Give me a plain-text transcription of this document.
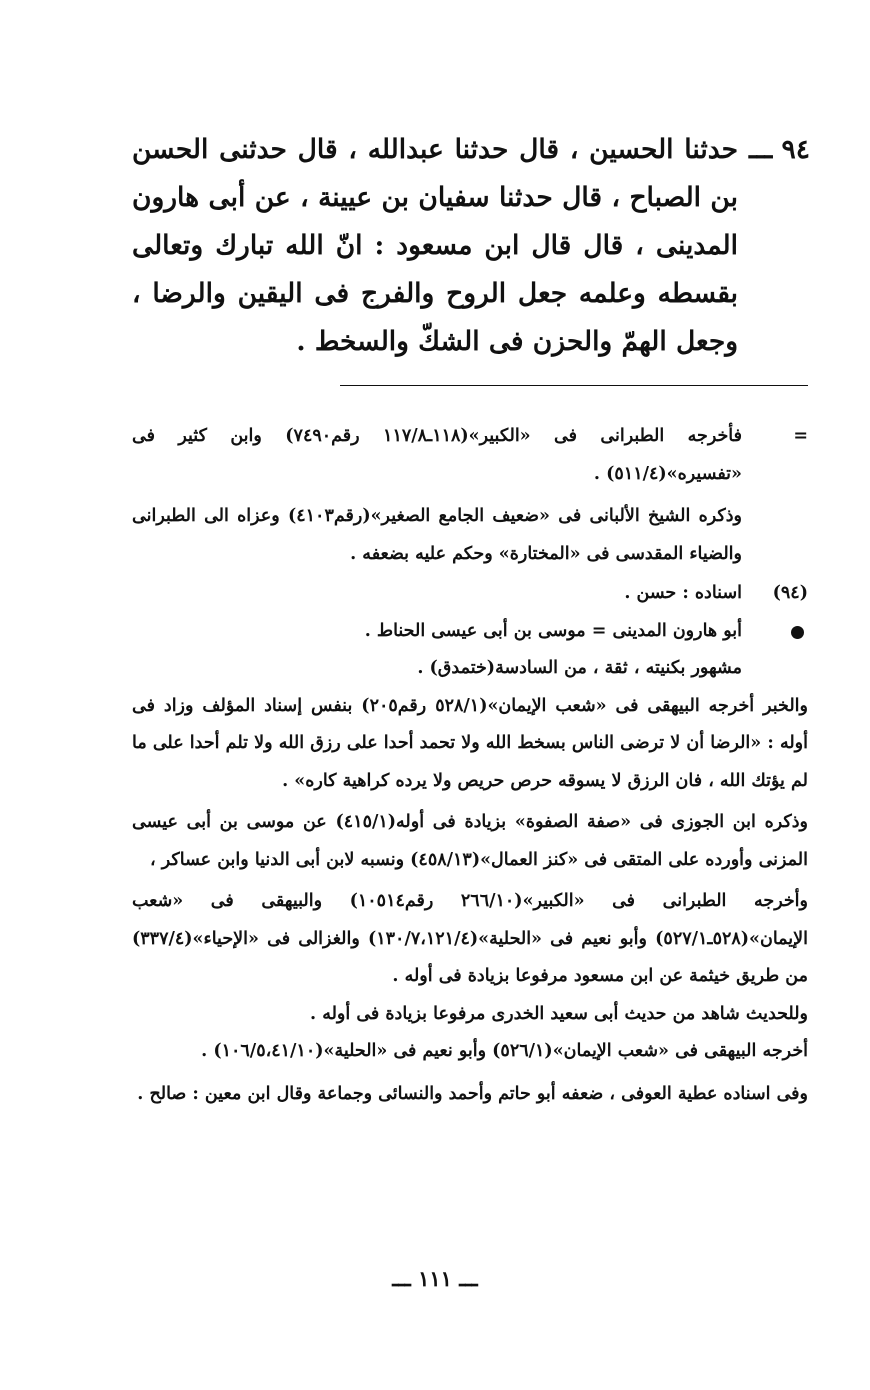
٩٤ ـــ
حدثنا الحسين ، قال حدثنا عبدالله ، قال حدثنى الحسن بن الصباح ، قال حدثنا سفيان بن عيينة ، عن أبى هارون المدينى ، قال قال ابن مسعود : انّ الله تبارك وتعالى بقسطه وعلمه جعل الروح والفرج فى اليقين والرضا ، وجعل الهمّ والحزن فى الشكّ والسخط .
=
فأخرجه الطبرانى فى «الكبير»(١١٨ـ١١٧/٨ رقم٧٤٩٠) وابن كثير فى «تفسيره»(٥١١/٤) .
وذكره الشيخ الألبانى فى «ضعيف الجامع الصغير»(رقم٤١٠٣) وعزاه الى الطبرانى والضياء المقدسى فى «المختارة» وحكم عليه بضعفه .
(٩٤)
اسناده : حسن .
أبو هارون المدينى = موسى بن أبى عيسى الحناط .
مشهور بكنيته ، ثقة ، من السادسة(ختمدق) .
والخبر أخرجه البيهقى فى «شعب الإيمان»(٥٢٨/١ رقم٢٠٥) بنفس إسناد المؤلف وزاد فى أوله : «الرضا أن لا ترضى الناس بسخط الله ولا تحمد أحدا على رزق الله ولا تلم أحدا على ما لم يؤتك الله ، فان الرزق لا يسوقه حرص حريص ولا يرده كراهية كاره» .
وذكره ابن الجوزى فى «صفة الصفوة» بزيادة فى أوله(٤١٥/١) عن موسى بن أبى عيسى المزنى وأورده على المتقى فى «كنز العمال»(٤٥٨/١٣) ونسبه لابن أبى الدنيا وابن عساكر ،
وأخرجه الطبرانى فى «الكبير»(٢٦٦/١٠ رقم١٠٥١٤) والبيهقى فى «شعب الإيمان»(٥٢٨ـ٥٢٧/١) وأبو نعيم فى «الحلية»(١٣٠/٧،١٢١/٤) والغزالى فى «الإحياء»(٣٣٧/٤) من طريق خيثمة عن ابن مسعود مرفوعا بزيادة فى أوله .
وللحديث شاهد من حديث أبى سعيد الخدرى مرفوعا بزيادة فى أوله .
أخرجه البيهقى فى «شعب الإيمان»(٥٢٦/١) وأبو نعيم فى «الحلية»(١٠٦/٥،٤١/١٠) .
وفى اسناده عطية العوفى ، ضعفه أبو حاتم وأحمد والنسائى وجماعة وقال ابن معين : صالح .
ـــ ١١١ ـــ
